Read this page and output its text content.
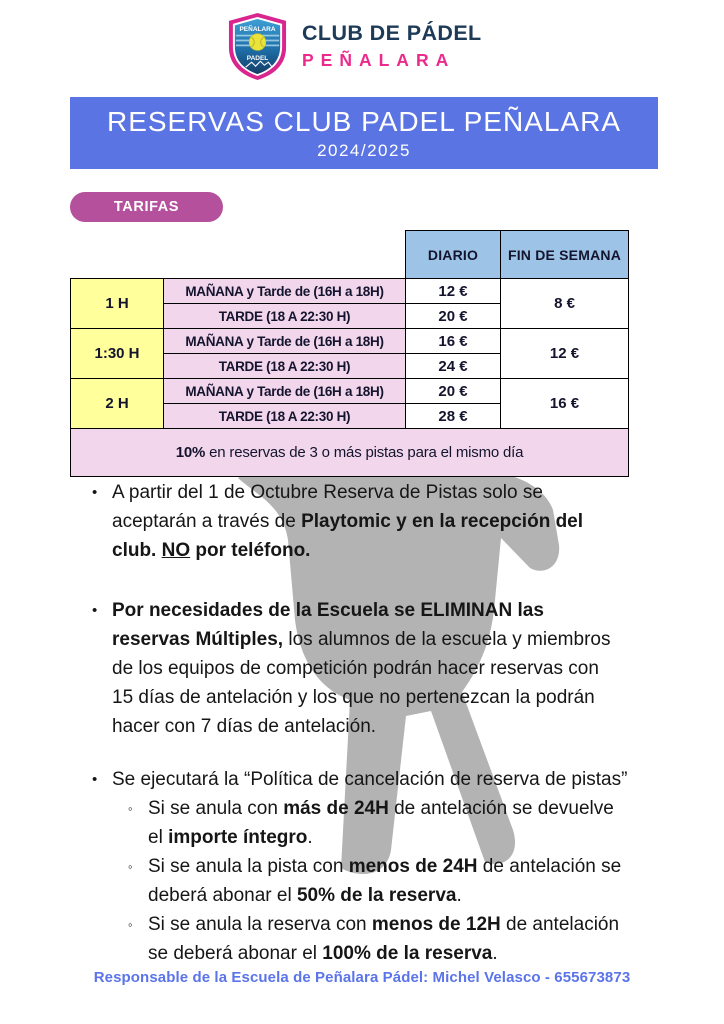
PEÑALARA
PADEL
CLUB DE PÁDEL
PEÑALARA
RESERVAS CLUB PADEL PEÑALARA
2024/2025
TARIFAS
		DIARIO	FIN DE SEMANA
1 H	MAÑANA y Tarde de (16H a 18H)	12 €	8 €
	TARDE (18 A 22:30 H)	20 €	
1:30 H	MAÑANA y Tarde de (16H a 18H)	16 €	12 €
	TARDE (18 A 22:30 H)	24 €	
2 H	MAÑANA y Tarde de (16H a 18H)	20 €	16 €
	TARDE (18 A 22:30 H)	28 €	
10% en reservas de 3 o más pistas para el mismo día			
• A partir del 1 de Octubre Reserva de Pistas solo se
aceptarán a través de Playtomic y en la recepción del
club. NO por teléfono.
• Por necesidades de la Escuela se ELIMINAN las
reservas Múltiples, los alumnos de la escuela y miembros
de los equipos de competición podrán hacer reservas con
15 días de antelación y los que no pertenezcan la podrán
hacer con 7 días de antelación.
• Se ejecutará la “Política de cancelación de reserva de pistas”
◦ Si se anula con más de 24H de antelación se devuelve
el importe íntegro.
◦ Si se anula la pista con menos de 24H de antelación se
deberá abonar el 50% de la reserva.
◦ Si se anula la reserva con menos de 12H de antelación
se deberá abonar el 100% de la reserva.
Responsable de la Escuela de Peñalara Pádel: Michel Velasco - 655673873
